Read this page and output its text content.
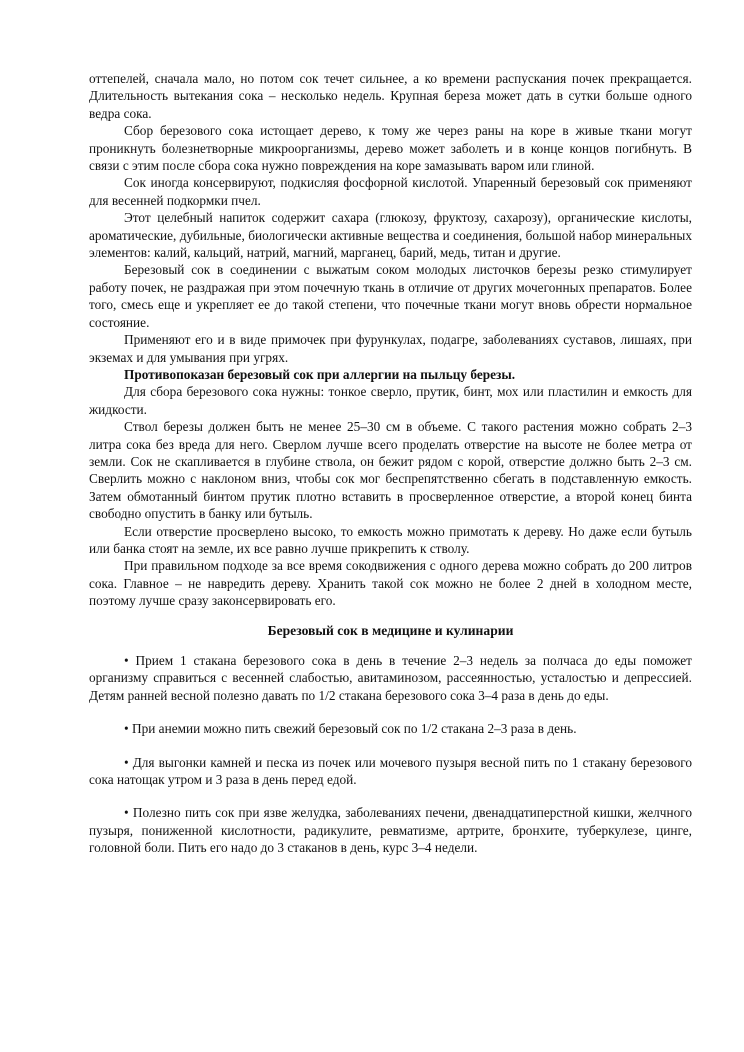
оттепелей, сначала мало, но потом сок течет сильнее, а ко времени распускания почек прекращается. Длительность вытекания сока – несколько недель. Крупная береза может дать в сутки больше одного ведра сока.

Сбор березового сока истощает дерево, к тому же через раны на коре в живые ткани могут проникнуть болезнетворные микроорганизмы, дерево может заболеть и в конце концов погибнуть. В связи с этим после сбора сока нужно повреждения на коре замазывать варом или глиной.

Сок иногда консервируют, подкисляя фосфорной кислотой. Упаренный березовый сок применяют для весенней подкормки пчел.

Этот целебный напиток содержит сахара (глюкозу, фруктозу, сахарозу), органические кислоты, ароматические, дубильные, биологически активные вещества и соединения, большой набор минеральных элементов: калий, кальций, натрий, магний, марганец, барий, медь, титан и другие.

Березовый сок в соединении с выжатым соком молодых листочков березы резко стимулирует работу почек, не раздражая при этом почечную ткань в отличие от других мочегонных препаратов. Более того, смесь еще и укрепляет ее до такой степени, что почечные ткани могут вновь обрести нормальное состояние.

Применяют его и в виде примочек при фурункулах, подагре, заболеваниях суставов, лишаях, при экземах и для умывания при угрях.

Противопоказан березовый сок при аллергии на пыльцу березы.

Для сбора березового сока нужны: тонкое сверло, прутик, бинт, мох или пластилин и емкость для жидкости.

Ствол березы должен быть не менее 25–30 см в объеме. С такого растения можно собрать 2–3 литра сока без вреда для него. Сверлом лучше всего проделать отверстие на высоте не более метра от земли. Сок не скапливается в глубине ствола, он бежит рядом с корой, отверстие должно быть 2–3 см. Сверлить можно с наклоном вниз, чтобы сок мог беспрепятственно сбегать в подставленную емкость. Затем обмотанный бинтом прутик плотно вставить в просверленное отверстие, а второй конец бинта свободно опустить в банку или бутыль.

Если отверстие просверлено высоко, то емкость можно примотать к дереву. Но даже если бутыль или банка стоят на земле, их все равно лучше прикрепить к стволу.

При правильном подходе за все время сокодвижения с одного дерева можно собрать до 200 литров сока. Главное – не навредить дереву. Хранить такой сок можно не более 2 дней в холодном месте, поэтому лучше сразу законсервировать его.

Березовый сок в медицине и кулинарии

• Прием 1 стакана березового сока в день в течение 2–3 недель за полчаса до еды поможет организму справиться с весенней слабостью, авитаминозом, рассеянностью, усталостью и депрессией. Детям ранней весной полезно давать по 1/2 стакана березового сока 3–4 раза в день до еды.

• При анемии можно пить свежий березовый сок по 1/2 стакана 2–3 раза в день.

• Для выгонки камней и песка из почек или мочевого пузыря весной пить по 1 стакану березового сока натощак утром и 3 раза в день перед едой.

• Полезно пить сок при язве желудка, заболеваниях печени, двенадцатиперстной кишки, желчного пузыря, пониженной кислотности, радикулите, ревматизме, артрите, бронхите, туберкулезе, цинге, головной боли. Пить его надо до 3 стаканов в день, курс 3–4 недели.
